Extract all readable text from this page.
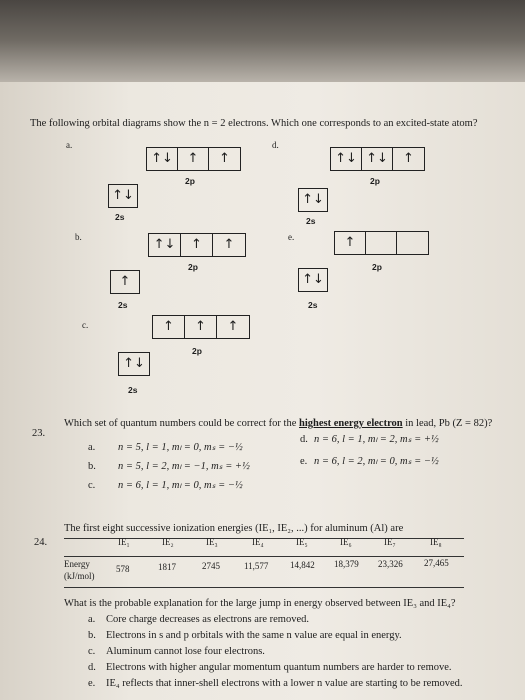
The following orbital diagrams show the n = 2 electrons. Which one corresponds to an excited-state atom?
a.
↑↓	↑	↑
2p
↑↓
2s
d.
↑↓ ↑↓	↑
2p
↑↓
2s
b.	↑↓	↑	↑
2p
↑
2s
e.	↑
2p
↑↓
2s
c.	↑	↑	↑
2p
↑↓
2s
23.
Which set of quantum numbers could be correct for the highest energy electron in lead, Pb (Z = 82)?
a. n = 5, l = 1, mₗ = 0, mₛ = −½
b. n = 5, l = 2, mₗ = −1, mₛ = +½
c. n = 6, l = 1, mₗ = 0, mₛ = −½
d. n = 6, l = 1, mₗ = 2, mₛ = +½
e. n = 6, l = 2, mₗ = 0, mₛ = −½
24.
The first eight successive ionization energies (IE₁, IE₂, ...) for aluminum (Al) are
IE₁	IE₂	IE₃	IE₄	IE₅	IE₆	IE₇	IE₈
Energy
(kJ/mol)
578	1817	2745	11,577 14,842 18,379 23,326 27,465
What is the probable explanation for the large jump in energy observed between IE₃ and IE₄?
a. Core charge decreases as electrons are removed.
b. Electrons in s and p orbitals with the same n value are equal in energy.
c. Aluminum cannot lose four electrons.
d. Electrons with higher angular momentum quantum numbers are harder to remove.
e. IE₄ reflects that inner-shell electrons with a lower n value are starting to be removed.
